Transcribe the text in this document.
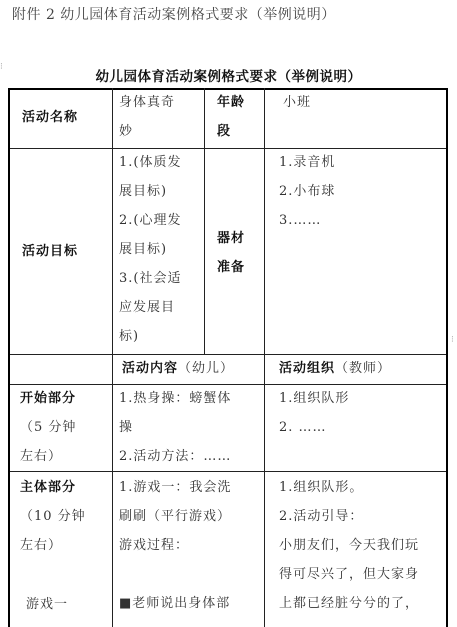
附件 2 幼儿园体育活动案例格式要求（举例说明）
⁝
⁝
幼儿园体育活动案例格式要求（举例说明）
活动名称
身体真奇
妙
年龄
段
小班
活动目标
1.(体质发
展目标)
2.(心理发
展目标)
3.(社会适
应发展目
标)
器材
准备
1.录音机
2.小布球
3.……
活动内容（幼儿）	活动组织（教师）
开始部分
（5 分钟
左右）
1.热身操：螃蟹体
操
2.活动方法：……
1.组织队形
2. ……
主体部分
（10 分钟
左右）
游戏一
1.游戏一：我会洗
刷刷（平行游戏）
游戏过程：

■老师说出身体部
1.组织队形。
2.活动引导：
小朋友们，今天我们玩
得可尽兴了，但大家身
上都已经脏兮兮的了，
